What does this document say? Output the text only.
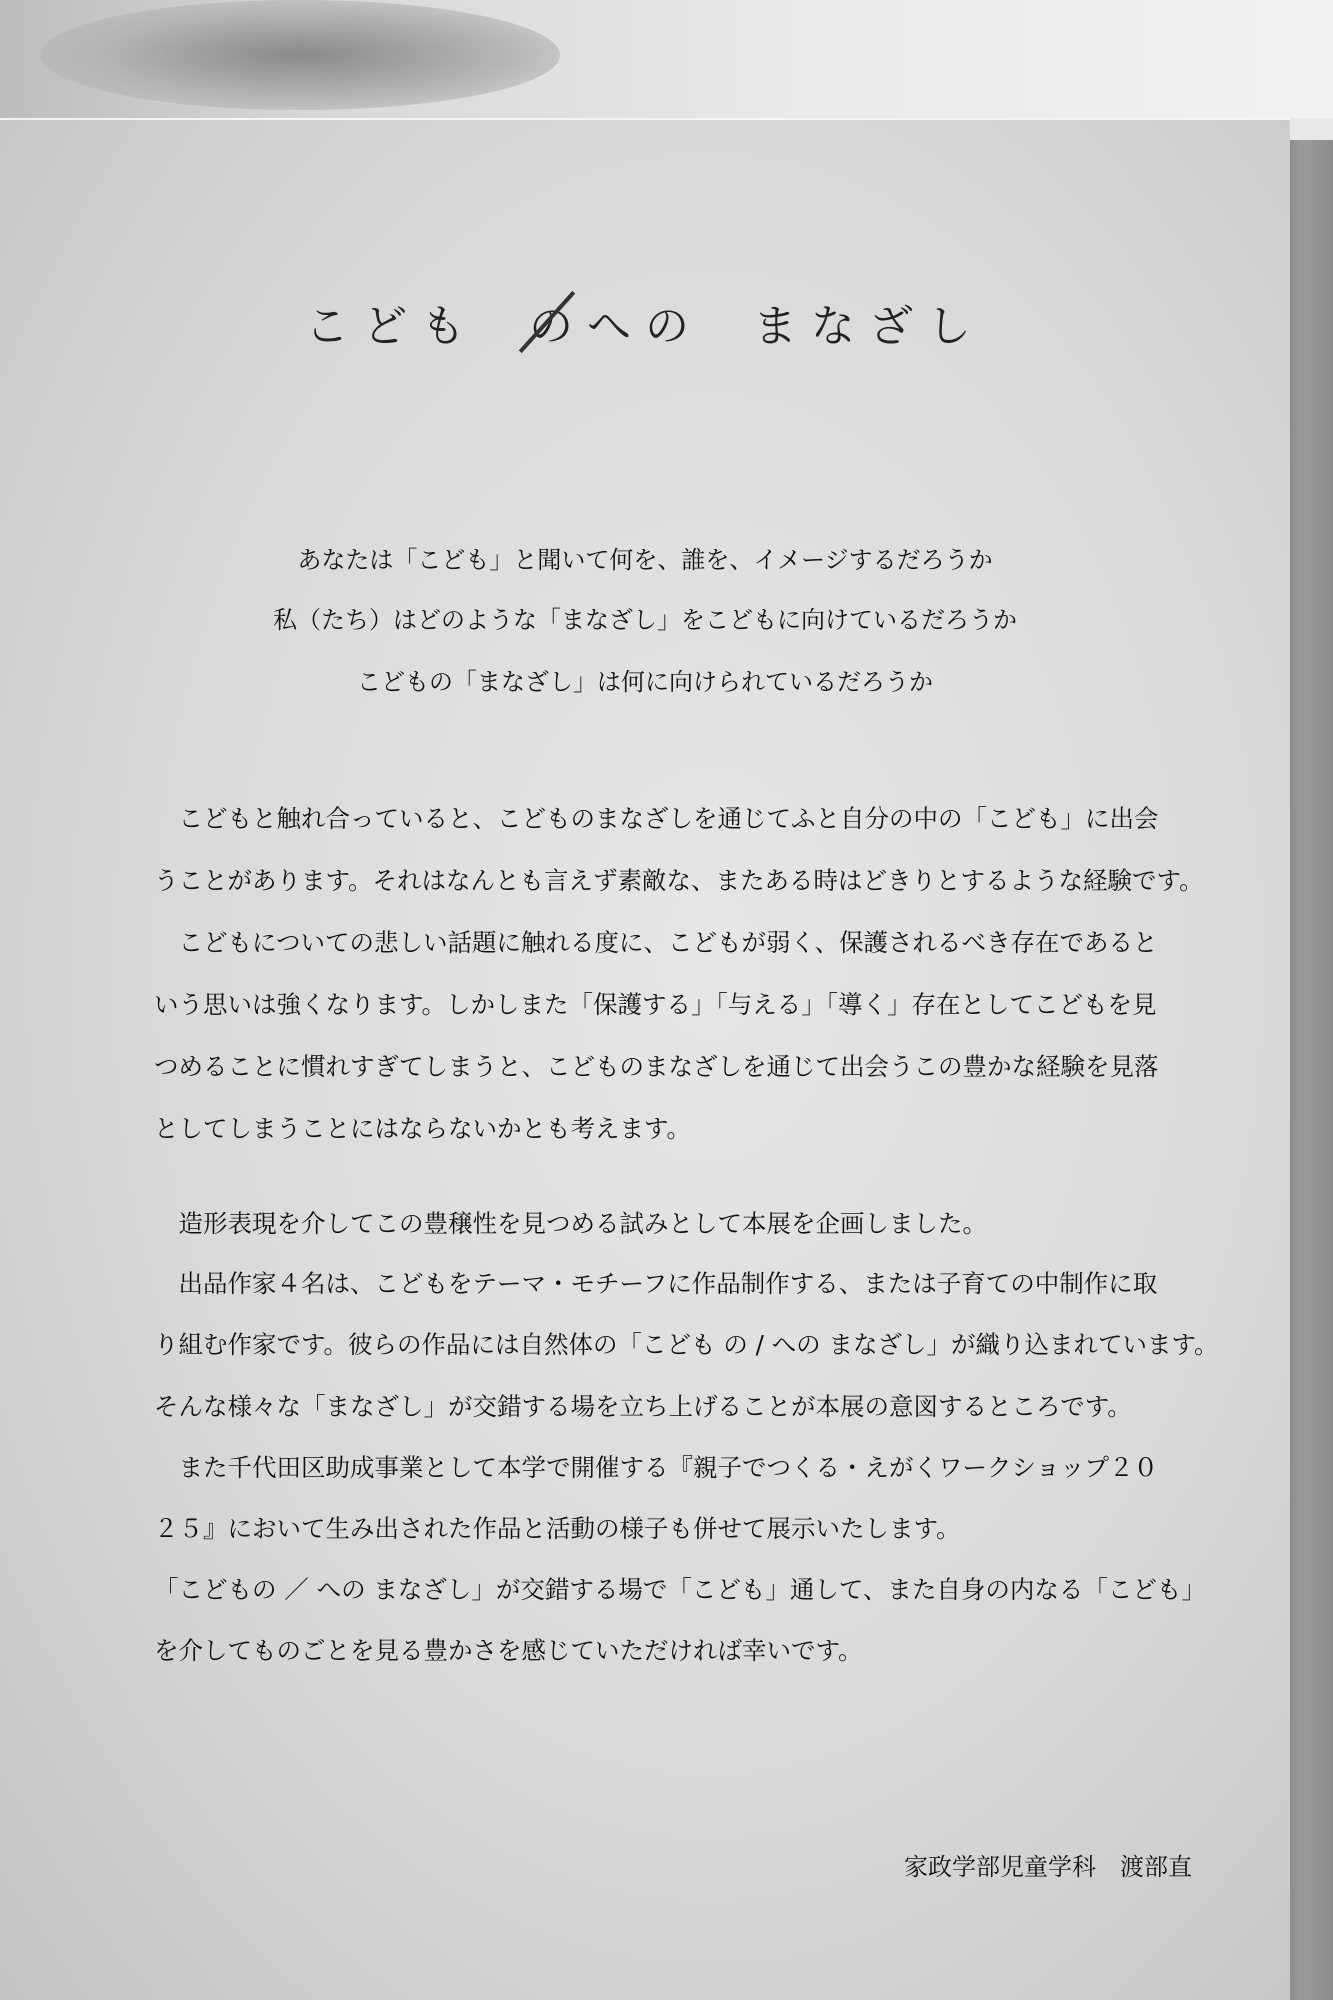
こども の
への まなざし
あなたは「こども」と聞いて何を、誰を、イメージするだろうか
私（たち）はどのような「まなざし」をこどもに向けているだろうか
こどもの「まなざし」は何に向けられているだろうか
　こどもと触れ合っていると、こどものまなざしを通じてふと自分の中の「こども」に出会
うことがあります。それはなんとも言えず素敵な、またある時はどきりとするような経験です。
　こどもについての悲しい話題に触れる度に、こどもが弱く、保護されるべき存在であると
いう思いは強くなります。しかしまた「保護する」「与える」「導く」存在としてこどもを見
つめることに慣れすぎてしまうと、こどものまなざしを通じて出会うこの豊かな経験を見落
としてしまうことにはならないかとも考えます。
　造形表現を介してこの豊穣性を見つめる試みとして本展を企画しました。
　出品作家４名は、こどもをテーマ・モチーフに作品制作する、または子育ての中制作に取
り組む作家です。彼らの作品には自然体の「こども の / への まなざし」が織り込まれています。
そんな様々な「まなざし」が交錯する場を立ち上げることが本展の意図するところです。
　また千代田区助成事業として本学で開催する『親子でつくる・えがくワークショップ２０
２５』において生み出された作品と活動の様子も併せて展示いたします。
「こどもの ／ への まなざし」が交錯する場で「こども」通して、また自身の内なる「こども」
を介してものごとを見る豊かさを感じていただければ幸いです。
家政学部児童学科　渡部直
